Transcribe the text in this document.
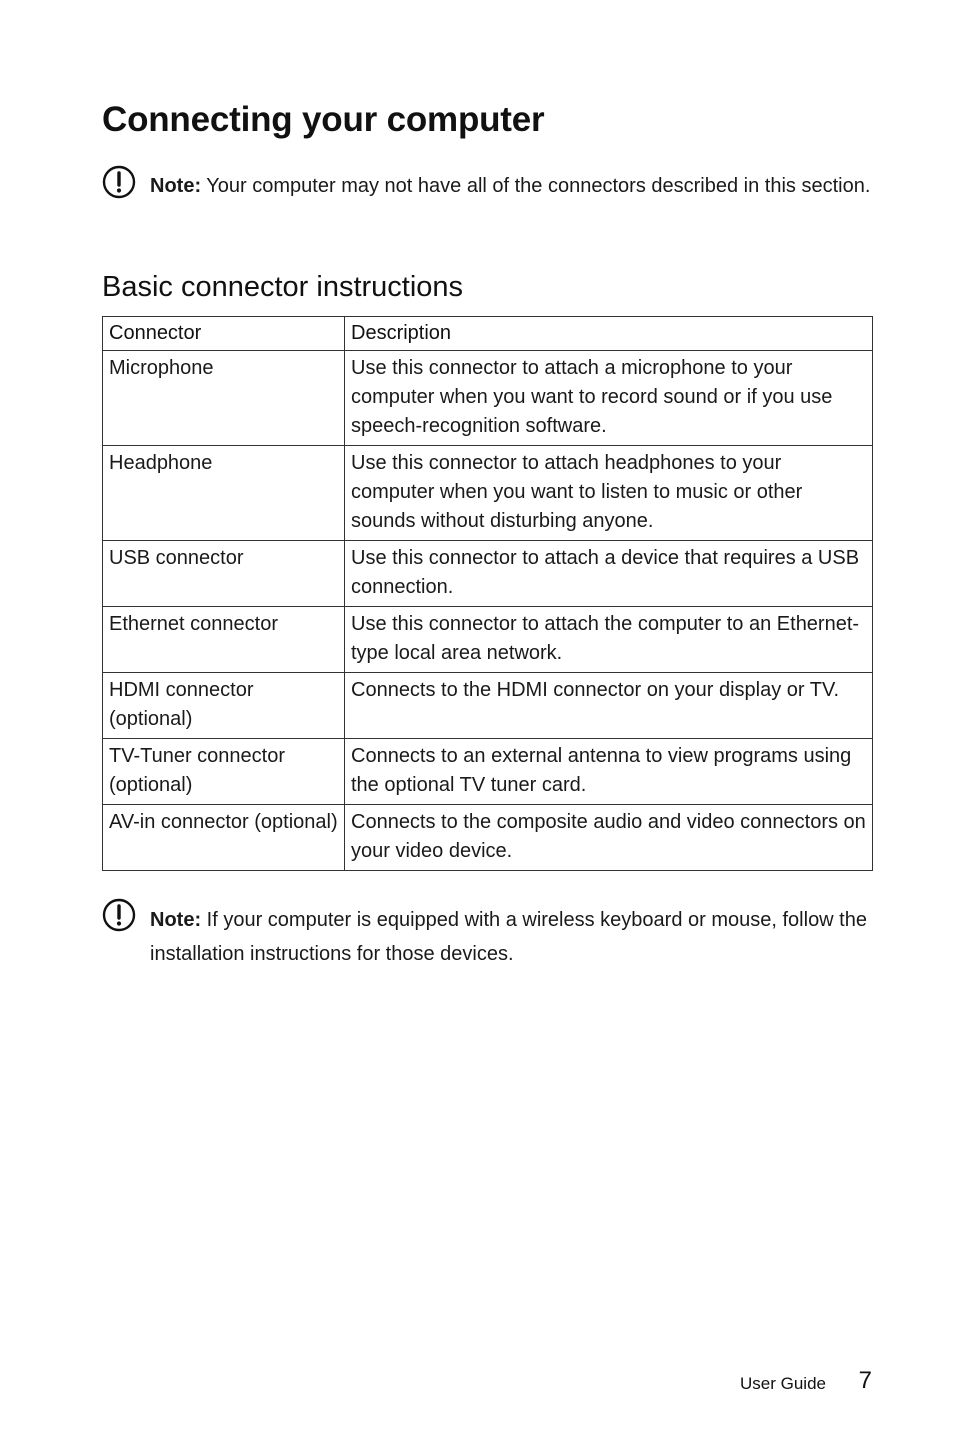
Connecting your computer
Note: Your computer may not have all of the connectors described in this section.
Basic connector instructions
Connector	Description
Microphone	Use this connector to attach a microphone to your computer when you want to record sound or if you use speech-recognition software.
Headphone	Use this connector to attach headphones to your computer when you want to listen to music or other sounds without disturbing anyone.
USB connector	Use this connector to attach a device that requires a USB connection.
Ethernet connector	Use this connector to attach the computer to an Ethernet-type local area network.
HDMI connector (optional)	Connects to the HDMI connector on your display or TV.
TV-Tuner connector (optional)	Connects to an external antenna to view programs using the optional TV tuner card.
AV-in connector (optional)	Connects to the composite audio and video connectors on your video device.
Note: If your computer is equipped with a wireless keyboard or mouse, follow the installation instructions for those devices.
User Guide 7
